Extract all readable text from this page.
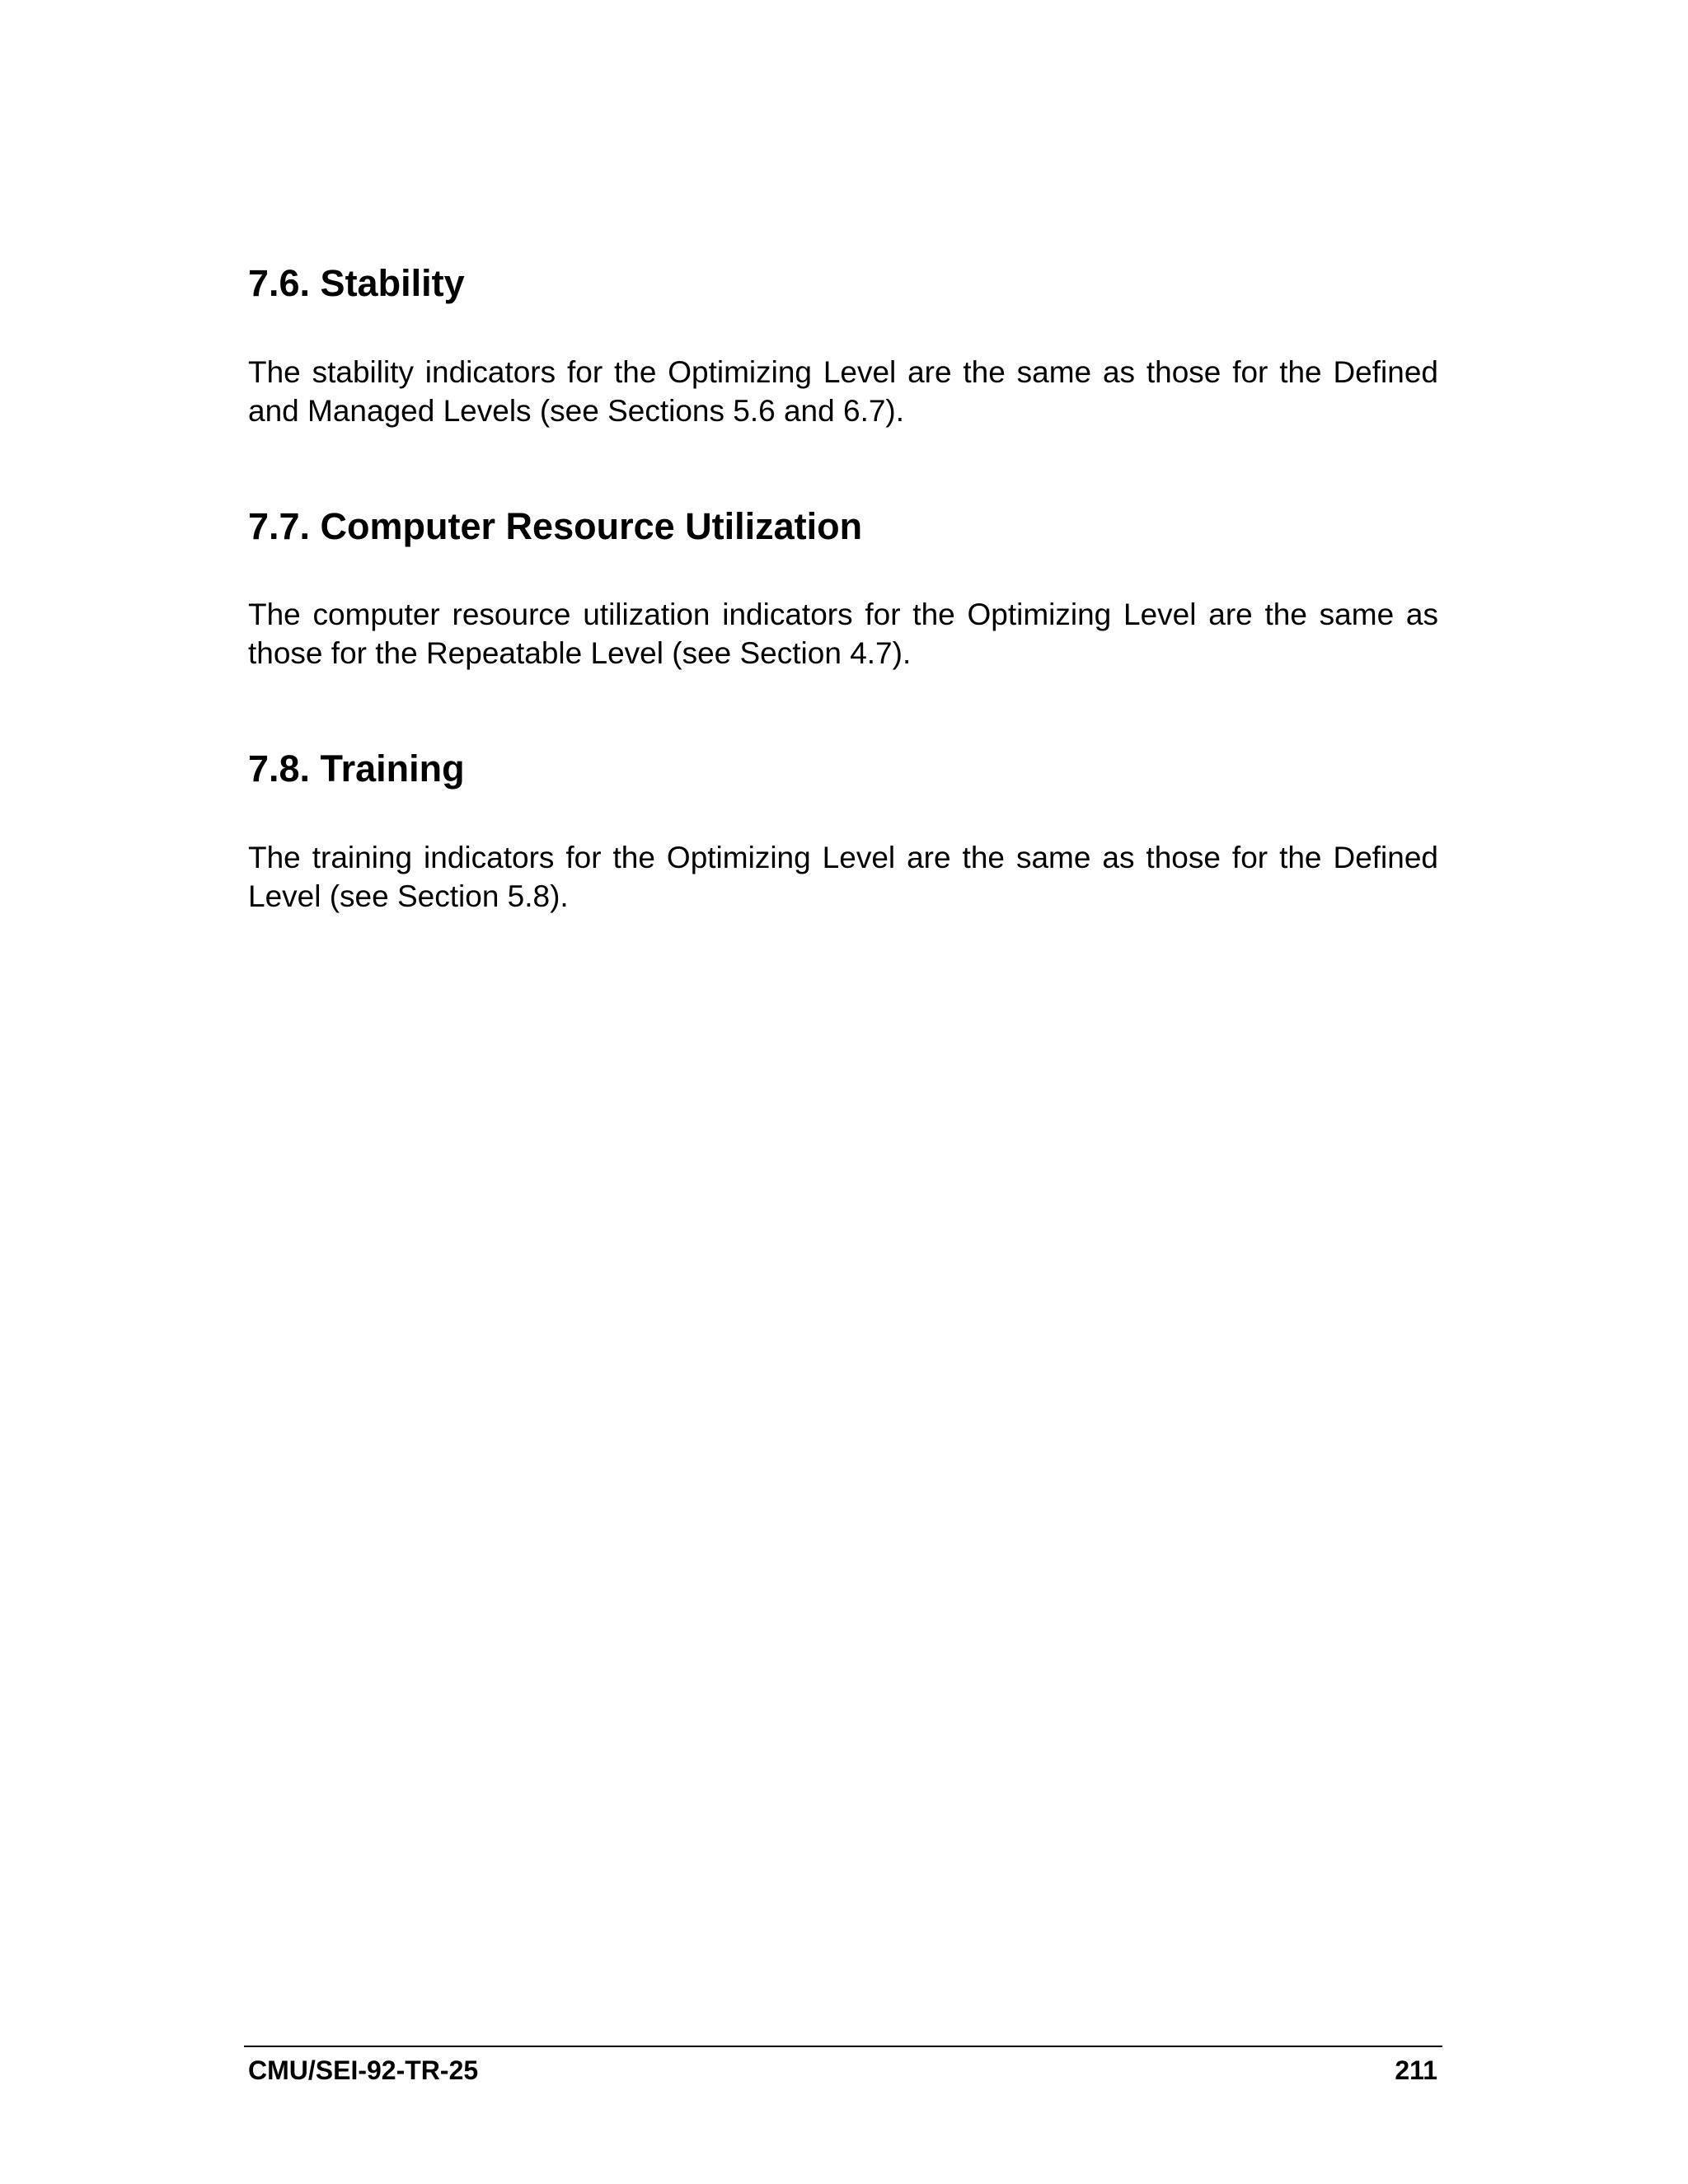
7.6. Stability

The stability indicators for the Optimizing Level are the same as those for the Defined and Managed Levels (see Sections 5.6 and 6.7).

7.7. Computer Resource Utilization

The computer resource utilization indicators for the Optimizing Level are the same as those for the Repeatable Level (see Section 4.7).

7.8. Training

The training indicators for the Optimizing Level are the same as those for the Defined Level (see Section 5.8).

CMU/SEI-92-TR-25	211
